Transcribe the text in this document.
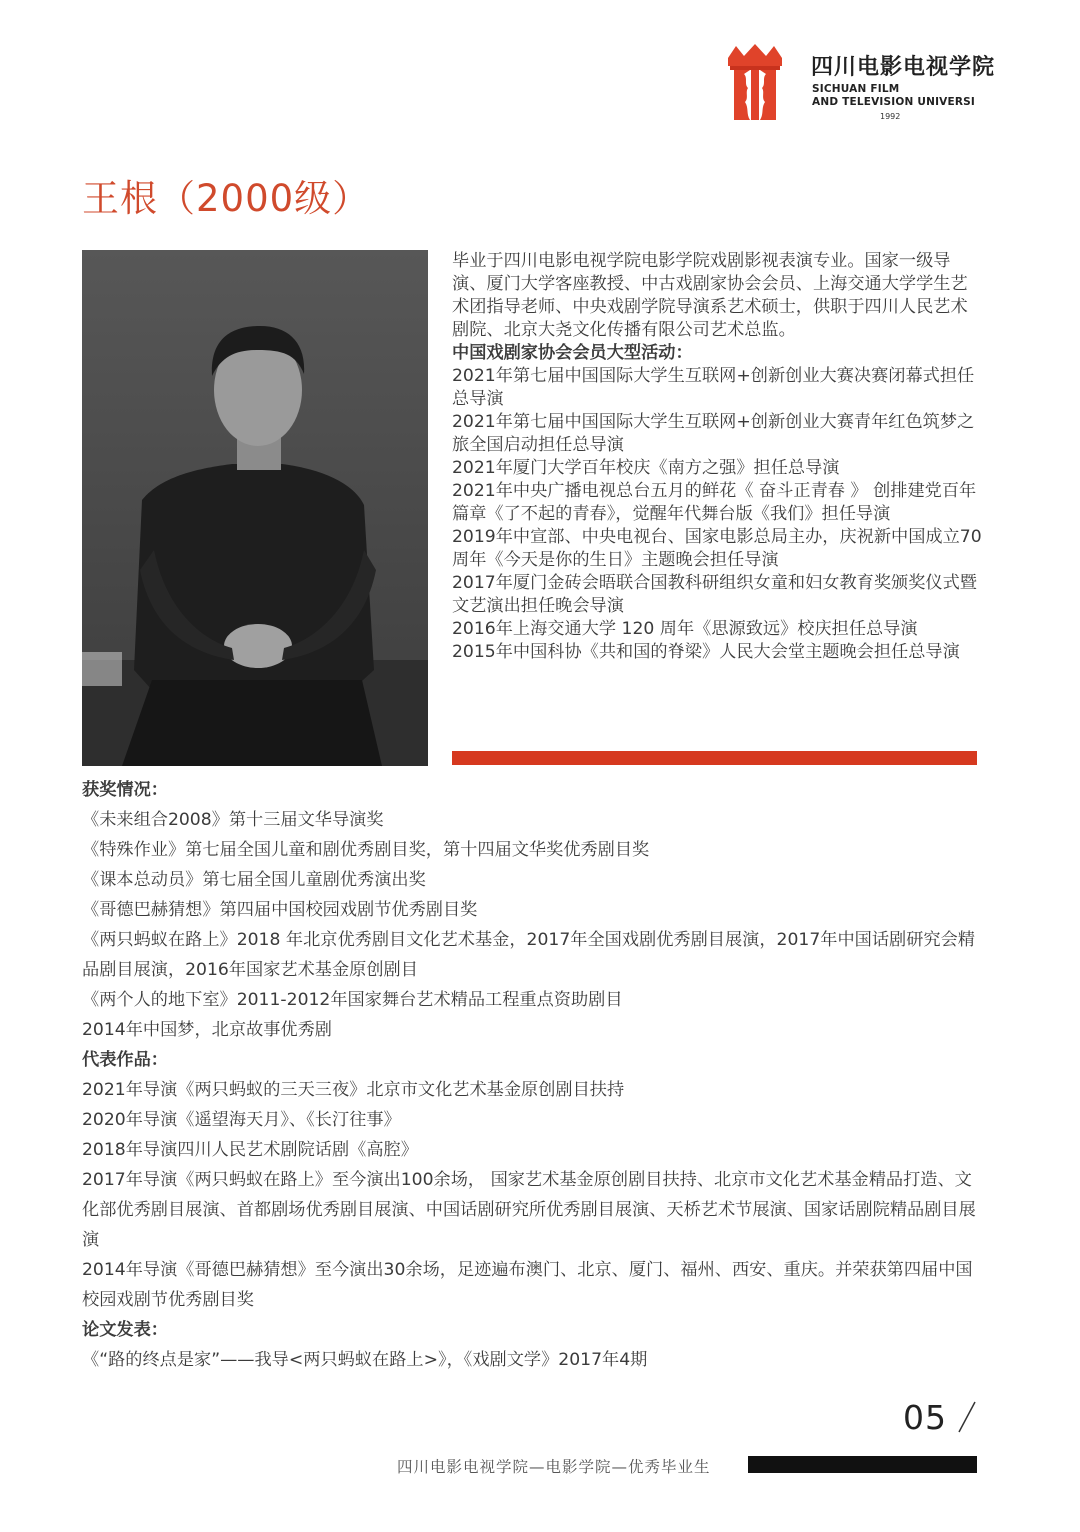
四川电影电视学院
SICHUAN FILM
AND TELEVISION UNIVERSI
1992
王根（2000级）

毕业于四川电影电视学院电影学院戏剧影视表演专业。国家一级导演、厦门大学客座教授、中古戏剧家协会会员、上海交通大学学生艺术团指导老师、中央戏剧学院导演系艺术硕士，供职于四川人民艺术剧院、北京大尧文化传播有限公司艺术总监。

中国戏剧家协会会员大型活动：

2021年第七届中国国际大学生互联网+创新创业大赛决赛闭幕式担任总导演

2021年第七届中国国际大学生互联网+创新创业大赛青年红色筑梦之旅全国启动担任总导演

2021年厦门大学百年校庆《南方之强》担任总导演

2021年中央广播电视总台五月的鲜花《 奋斗正青春 》 创排建党百年篇章《了不起的青春》，觉醒年代舞台版《我们》担任导演

2019年中宣部、中央电视台、国家电影总局主办，庆祝新中国成立70 周年《今天是你的生日》主题晚会担任导演

2017年厦门金砖会晤联合国教科研组织女童和妇女教育奖颁奖仪式暨文艺演出担任晚会导演

2016年上海交通大学 120 周年《思源致远》校庆担任总导演

2015年中国科协《共和国的脊梁》人民大会堂主题晚会担任总导演

获奖情况：

《未来组合2008》第十三届文华导演奖

《特殊作业》第七届全国儿童和剧优秀剧目奖，第十四届文华奖优秀剧目奖

《课本总动员》第七届全国儿童剧优秀演出奖

《哥德巴赫猜想》第四届中国校园戏剧节优秀剧目奖

《两只蚂蚁在路上》2018 年北京优秀剧目文化艺术基金，2017年全国戏剧优秀剧目展演，2017年中国话剧研究会精品剧目展演，2016年国家艺术基金原创剧目

《两个人的地下室》2011-2012年国家舞台艺术精品工程重点资助剧目

2014年中国梦，北京故事优秀剧

代表作品：

2021年导演《两只蚂蚁的三天三夜》北京市文化艺术基金原创剧目扶持

2020年导演《遥望海天月》、《长汀往事》

2018年导演四川人民艺术剧院话剧《高腔》

2017年导演《两只蚂蚁在路上》至今演出100余场， 国家艺术基金原创剧目扶持、北京市文化艺术基金精品打造、文化部优秀剧目展演、首都剧场优秀剧目展演、中国话剧研究所优秀剧目展演、天桥艺术节展演、国家话剧院精品剧目展演

2014年导演《哥德巴赫猜想》至今演出30余场，足迹遍布澳门、北京、厦门、福州、西安、重庆。并荣获第四届中国校园戏剧节优秀剧目奖

论文发表：

《“路的终点是家”——我导<两只蚂蚁在路上>》，《戏剧文学》2017年4期

05
四川电影电视学院—电影学院—优秀毕业生
